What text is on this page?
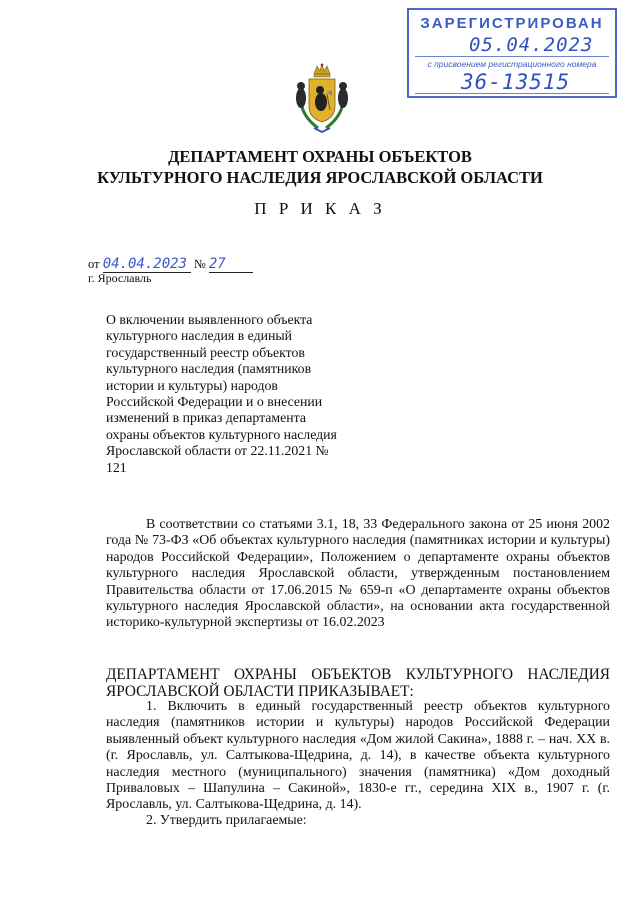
ЗАРЕГИСТРИРОВАН
05.04.2023
с присвоением регистрационного номера
36-13515
ДЕПАРТАМЕНТ ОХРАНЫ ОБЪЕКТОВ
КУЛЬТУРНОГО НАСЛЕДИЯ ЯРОСЛАВСКОЙ ОБЛАСТИ
П Р И К А З
от 04.04.2023 № 27
г. Ярославль
О включении выявленного объекта культурного наследия в единый государственный реестр объектов культурного наследия (памятников истории и культуры) народов Российской Федерации и о внесении изменений в приказ департамента охраны объектов культурного наследия Ярославской области от 22.11.2021 № 121
В соответствии со статьями 3.1, 18, 33 Федерального закона от 25 июня 2002 года № 73-ФЗ «Об объектах культурного наследия (памятниках истории и культуры) народов Российской Федерации», Положением о департаменте охраны объектов культурного наследия Ярославской области, утвержденным постановлением Правительства области от 17.06.2015 № 659-п «О департаменте охраны объектов культурного наследия Ярославской области», на основании акта государственной историко-культурной экспертизы от 16.02.2023
ДЕПАРТАМЕНТ ОХРАНЫ ОБЪЕКТОВ КУЛЬТУРНОГО НАСЛЕДИЯ ЯРОСЛАВСКОЙ ОБЛАСТИ ПРИКАЗЫВАЕТ:
1. Включить в единый государственный реестр объектов культурного наследия (памятников истории и культуры) народов Российской Федерации выявленный объект культурного наследия «Дом жилой Сакина», 1888 г. – нач. XX в. (г. Ярославль, ул. Салтыкова-Щедрина, д. 14), в качестве объекта культурного наследия местного (муниципального) значения (памятника) «Дом доходный Приваловых – Шапулина – Сакиной», 1830-е гг., середина XIX в., 1907 г. (г. Ярославль, ул. Салтыкова-Щедрина, д. 14).
2. Утвердить прилагаемые:
